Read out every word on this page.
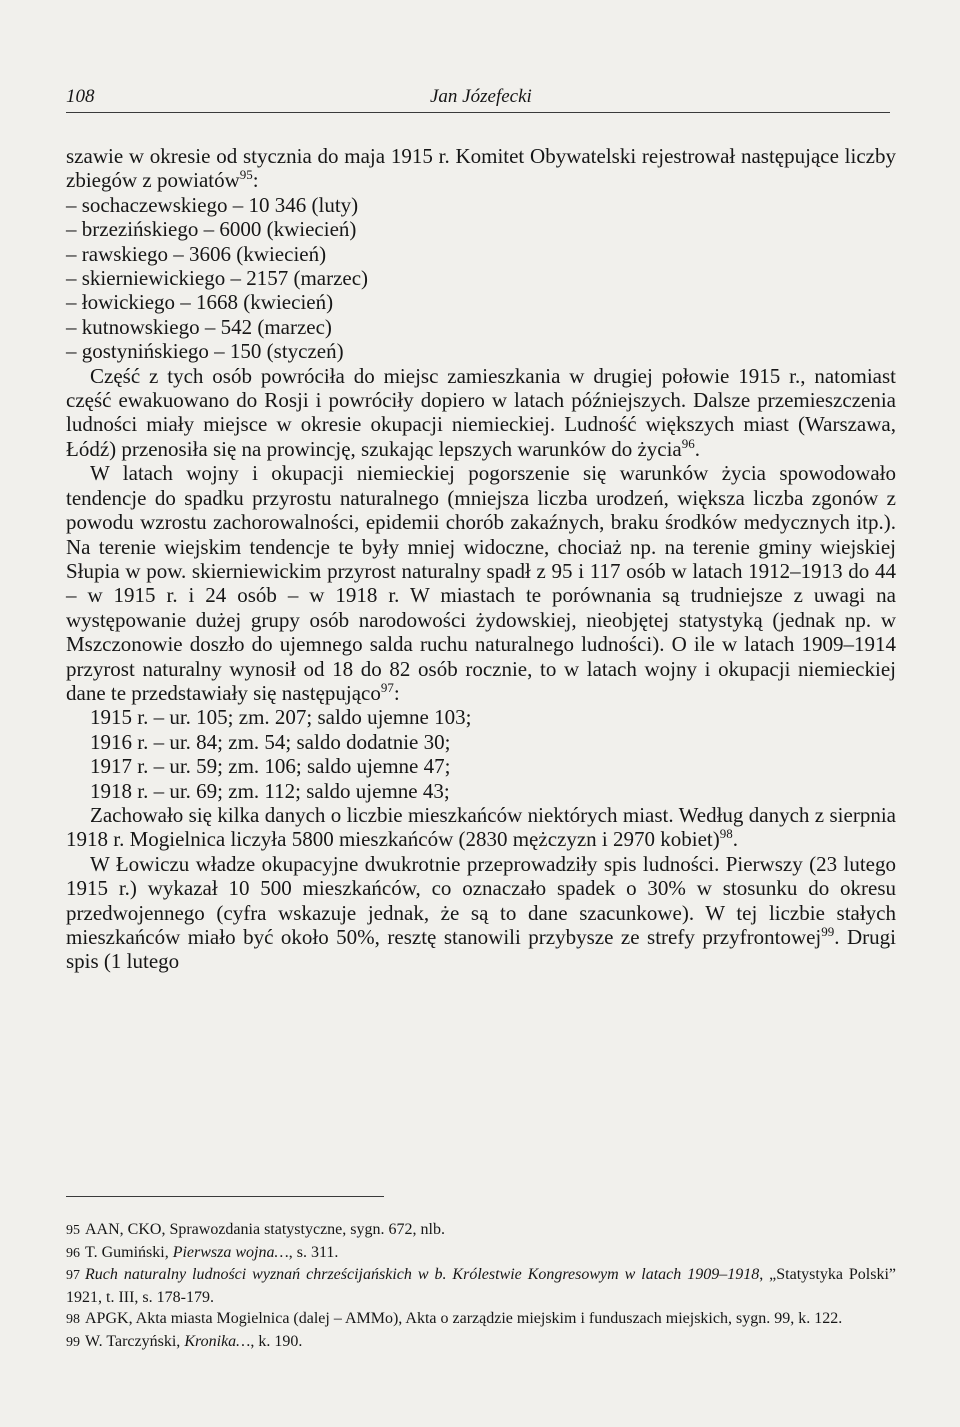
108	Jan Józefecki

szawie w okresie od stycznia do maja 1915 r. Komitet Obywatelski rejestrował następujące liczby zbiegów z powiatów$^{95}$:

– sochaczewskiego – 10 346 (luty)

– brzezińskiego – 6000 (kwiecień)

– rawskiego – 3606 (kwiecień)

– skierniewickiego – 2157 (marzec)

– łowickiego – 1668 (kwiecień)

– kutnowskiego – 542 (marzec)

– gostynińskiego – 150 (styczeń)

Część z tych osób powróciła do miejsc zamieszkania w drugiej połowie 1915 r., natomiast część ewakuowano do Rosji i powróciły dopiero w latach późniejszych. Dalsze przemieszczenia ludności miały miejsce w okresie okupacji niemieckiej. Ludność większych miast (Warszawa, Łódź) przenosiła się na prowincję, szukając lepszych warunków do życia$^{96}$.

W latach wojny i okupacji niemieckiej pogorszenie się warunków życia spowodowało tendencje do spadku przyrostu naturalnego (mniejsza liczba urodzeń, większa liczba zgonów z powodu wzrostu zachorowalności, epidemii chorób zakaźnych, braku środków medycznych itp.). Na terenie wiejskim tendencje te były mniej widoczne, chociaż np. na terenie gminy wiejskiej Słupia w pow. skierniewickim przyrost naturalny spadł z 95 i 117 osób w latach 1912–1913 do 44 – w 1915 r. i 24 osób – w 1918 r. W miastach te porównania są trudniejsze z uwagi na występowanie dużej grupy osób narodowości żydowskiej, nieobjętej statystyką (jednak np. w Mszczonowie doszło do ujemnego salda ruchu naturalnego ludności). O ile w latach 1909–1914 przyrost naturalny wynosił od 18 do 82 osób rocznie, to w latach wojny i okupacji niemieckiej dane te przedstawiały się następująco$^{97}$:

1915 r. – ur. 105; zm. 207; saldo ujemne 103;

1916 r. – ur. 84; zm. 54; saldo dodatnie 30;

1917 r. – ur. 59; zm. 106; saldo ujemne 47;

1918 r. – ur. 69; zm. 112; saldo ujemne 43;

Zachowało się kilka danych o liczbie mieszkańców niektórych miast. Według danych z sierpnia 1918 r. Mogielnica liczyła 5800 mieszkańców (2830 mężczyzn i 2970 kobiet)$^{98}$.

W Łowiczu władze okupacyjne dwukrotnie przeprowadziły spis ludności. Pierwszy (23 lutego 1915 r.) wykazał 10 500 mieszkańców, co oznaczało spadek o 30% w stosunku do okresu przedwojennego (cyfra wskazuje jednak, że są to dane szacunkowe). W tej liczbie stałych mieszkańców miało być około 50%, resztę stanowili przybysze ze strefy przyfrontowej$^{99}$. Drugi spis (1 lutego

95 AAN, CKO, Sprawozdania statystyczne, sygn. 672, nlb.

96 T. Gumiński, Pierwsza wojna…, s. 311.

97 Ruch naturalny ludności wyznań chrześcijańskich w b. Królestwie Kongresowym w latach 1909–1918, „Statystyka Polski” 1921, t. III, s. 178-179.

98 APGK, Akta miasta Mogielnica (dalej – AMMo), Akta o zarządzie miejskim i funduszach miejskich, sygn. 99, k. 122.

99 W. Tarczyński, Kronika…, k. 190.
